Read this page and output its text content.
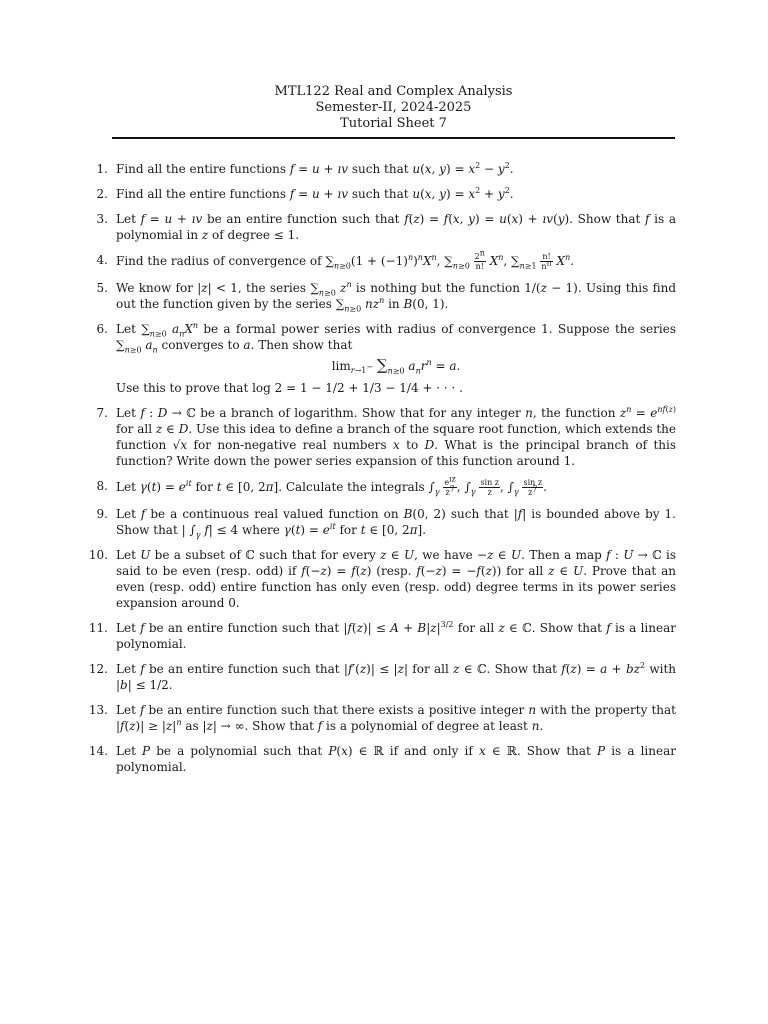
MTL122 Real and Complex Analysis
Semester-II, 2024-2025
Tutorial Sheet 7
1. Find all the entire functions f = u + ıv such that u(x, $y) = x^2 - y^2$.
2. Find all the entire functions f = u + ıv such that u(x, $y) = x^2 + y^2$.
3. Let f = u + ıv be an entire function such that f(z) = f(x, y) = u(x) + ıv(y). Show that f is a polynomial in z of degree ≤ 1.
4. Find the radius of convergence of $\sum_{n\ge 0}(1 + (-1)^n)^nX^n$, $\sum_{n\ge 0} \frac{2^n}{n!} X^n$, $\sum_{n\ge 1} \frac{n!}{n^n} X^n$.
5. We know for |z| < 1, the series $\sum_{n\ge 0}$ $z^n$ is nothing but the function 1/(z − 1). Using this find out the function given by the series $\sum_{n\ge 0}$ $nz^n$ in B(0, 1).
6. Let $\sum_{n\ge 0}$ $a_nX^n$ be a formal power series with radius of convergence 1. Suppose the series $\sum_{n\ge 0}$ $a_n$ converges to a. Then show that
$\lim_{r\to 1^-} \sum_{n\ge 0}$ $a_nr^n = a$.
Use this to prove that log 2 = 1 − 1/2 + 1/3 − 1/4 + · · · .
7. Let f : D → ℂ be a branch of logarithm. Show that for any integer n, the function $z^n = e^{nf(z)}$ for all z ∈ D. Use this idea to define a branch of the square root function, which extends the function √x for non-negative real numbers x to D. What is the principal branch of this function? Write down the power series expansion of this function around 1.
8. Let $\gamma(t) = e^{it}$ for t ∈ [0, 2π]. Calculate the integrals $\int_\gamma \frac{e^{ız}}{z^7}$ , $\int_\gamma \frac{\text{sin z}}{z}$ , $\int_\gamma \frac{\text{sin z}}{z^7}$ .
9. Let f be a continuous real valued function on B(0, 2) such that |f| is bounded above by 1. Show that | $\int_\gamma$ f| ≤ 4 where $\gamma(t) = e^{it}$ for t ∈ [0, 2π].
10. Let U be a subset of ℂ such that for every z ∈ U, we have −z ∈ U. Then a map f : U → ℂ is said to be even (resp. odd) if f(−z) = f(z) (resp. f(−z) = −f(z)) for all z ∈ U. Prove that an even (resp. odd) entire function has only even (resp. odd) degree terms in its power series expansion around 0.
11. Let f be an entire function such that $|f(z)| \le A + B|z|^{3/2}$ for all z ∈ ℂ. Show that f is a linear polynomial.
12. Let f be an entire function such that |f′(z)| ≤ |z| for all z ∈ ℂ. Show that $f(z) = a + bz^2$ with |b| ≤ 1/2.
13. Let f be an entire function such that there exists a positive integer n with the property that $|f(z)| \ge |z|^n$ as |z| → ∞. Show that f is a polynomial of degree at least n.
14. Let P be a polynomial such that P(x) ∈ ℝ if and only if x ∈ ℝ. Show that P is a linear polynomial.
